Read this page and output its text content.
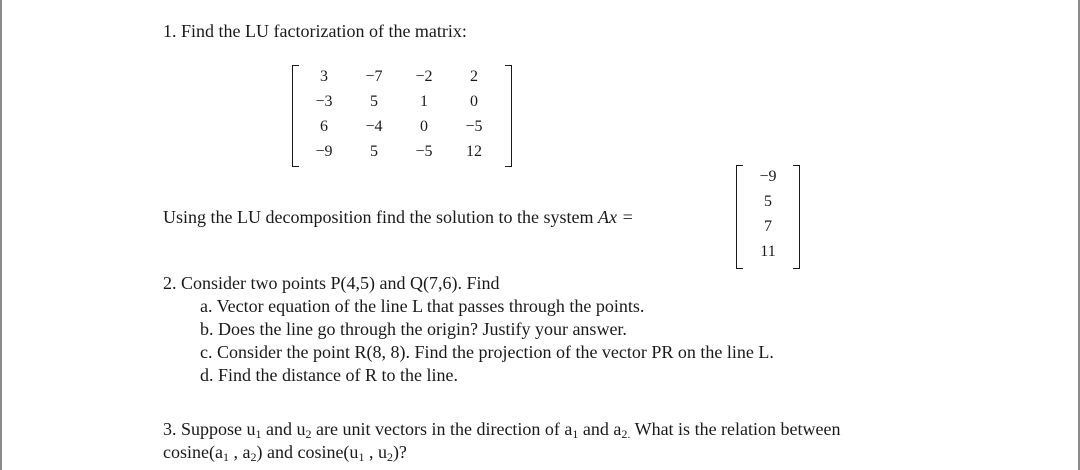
1. Find the LU factorization of the matrix:
3	−7	−2	2
−3	5	1	0
6	−4	0	−5
−9	5	−5	12
Using the LU decomposition find the solution to the system Ax =
−9
5
7
11
2. Consider two points P(4,5) and Q(7,6). Find
a. Vector equation of the line L that passes through the points.
b. Does the line go through the origin? Justify your answer.
c. Consider the point R(8, 8). Find the projection of the vector PR on the line L.
d. Find the distance of R to the line.
3. Suppose $u_1$ and $u_2$ are unit vectors in the direction of $a_1$ and $a_{2.}$ What is the relation between
$cosine(a_1$ , $a_2$) and $cosine(u_1$ , $u_2$)?
